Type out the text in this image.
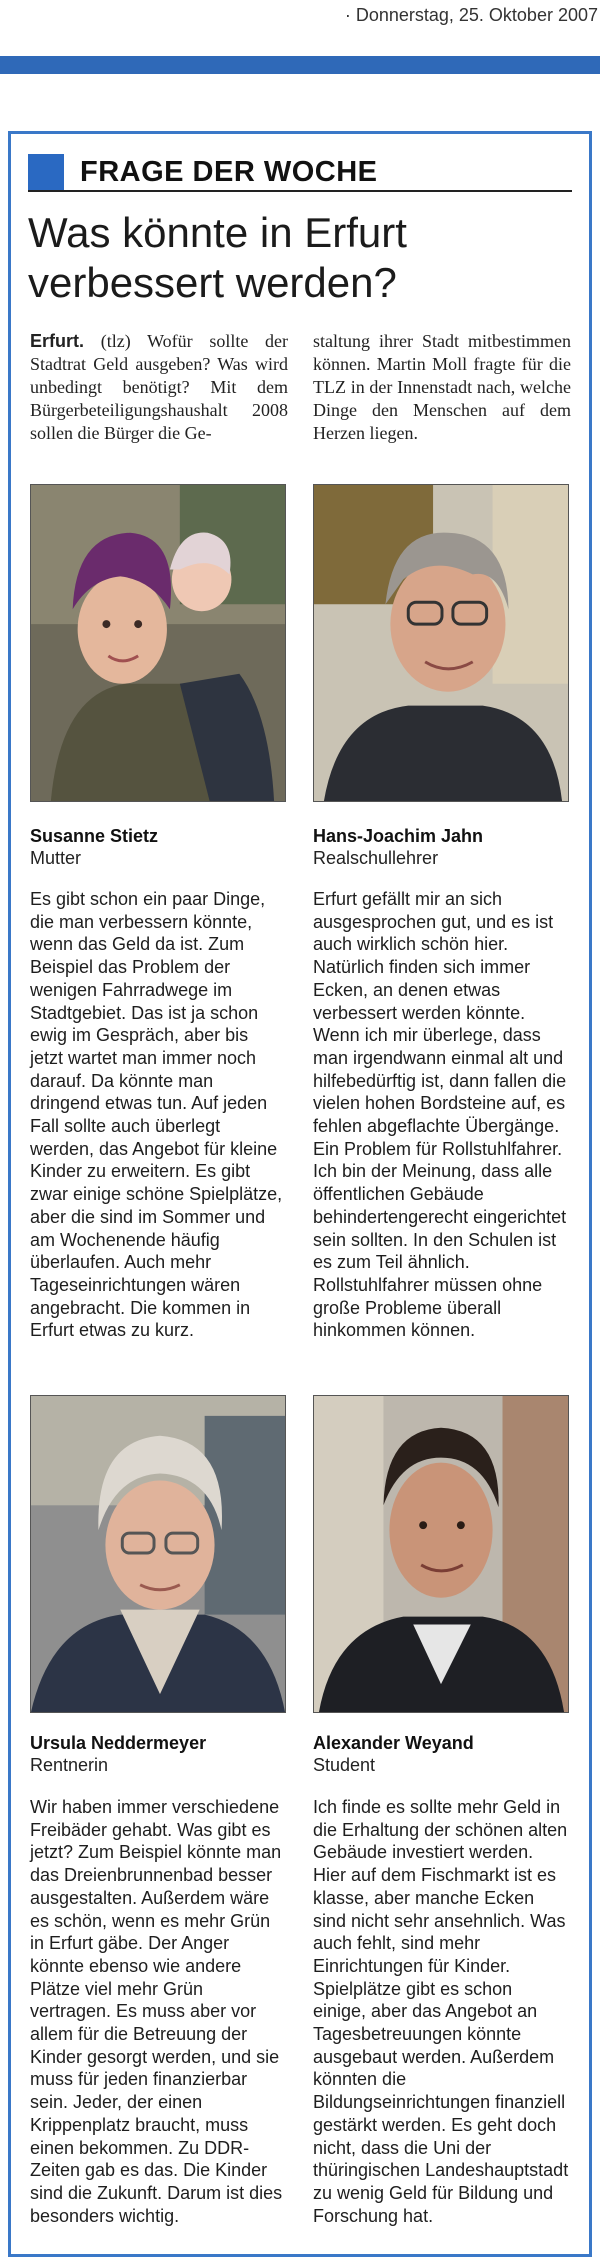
· Donnerstag, 25. Oktober 2007
FRAGE DER WOCHE
Was könnte in Erfurt verbessert werden?
Erfurt. (tlz) Wofür sollte der Stadtrat Geld ausgeben? Was wird unbedingt benötigt? Mit dem Bürgerbeteiligungshaushalt 2008 sollen die Bürger die Ge-
staltung ihrer Stadt mitbestimmen können. Martin Moll fragte für die TLZ in der Innenstadt nach, welche Dinge den Menschen auf dem Herzen liegen.
Susanne Stietz
Mutter
Es gibt schon ein paar Dinge, die man verbessern könnte, wenn das Geld da ist. Zum Beispiel das Problem der wenigen Fahrradwege im Stadtgebiet. Das ist ja schon ewig im Gespräch, aber bis jetzt wartet man immer noch darauf. Da könnte man dringend etwas tun. Auf jeden Fall sollte auch überlegt werden, das Angebot für kleine Kinder zu erweitern. Es gibt zwar einige schöne Spielplätze, aber die sind im Sommer und am Wochenende häufig überlaufen. Auch mehr Tageseinrichtungen wären angebracht. Die kommen in Erfurt etwas zu kurz.
Hans-Joachim Jahn
Realschullehrer
Erfurt gefällt mir an sich ausgesprochen gut, und es ist auch wirklich schön hier. Natürlich finden sich immer Ecken, an denen etwas verbessert werden könnte. Wenn ich mir überlege, dass man irgendwann einmal alt und hilfebedürftig ist, dann fallen die vielen hohen Bordsteine auf, es fehlen abgeflachte Übergänge. Ein Problem für Rollstuhlfahrer. Ich bin der Meinung, dass alle öffentlichen Gebäude behindertengerecht eingerichtet sein sollten. In den Schulen ist es zum Teil ähnlich. Rollstuhlfahrer müssen ohne große Probleme überall hinkommen können.
Ursula Neddermeyer
Rentnerin
Wir haben immer verschiedene Freibäder gehabt. Was gibt es jetzt? Zum Beispiel könnte man das Dreienbrunnenbad besser ausgestalten. Außerdem wäre es schön, wenn es mehr Grün in Erfurt gäbe. Der Anger könnte ebenso wie andere Plätze viel mehr Grün vertragen. Es muss aber vor allem für die Betreuung der Kinder gesorgt werden, und sie muss für jeden finanzierbar sein. Jeder, der einen Krippenplatz braucht, muss einen bekommen. Zu DDR-Zeiten gab es das. Die Kinder sind die Zukunft. Darum ist dies besonders wichtig.
Alexander Weyand
Student
Ich finde es sollte mehr Geld in die Erhaltung der schönen alten Gebäude investiert werden. Hier auf dem Fischmarkt ist es klasse, aber manche Ecken sind nicht sehr ansehnlich. Was auch fehlt, sind mehr Einrichtungen für Kinder. Spielplätze gibt es schon einige, aber das Angebot an Tagesbetreuungen könnte ausgebaut werden. Außerdem könnten die Bildungseinrichtungen finanziell gestärkt werden. Es geht doch nicht, dass die Uni der thüringischen Landeshauptstadt zu wenig Geld für Bildung und Forschung hat.
